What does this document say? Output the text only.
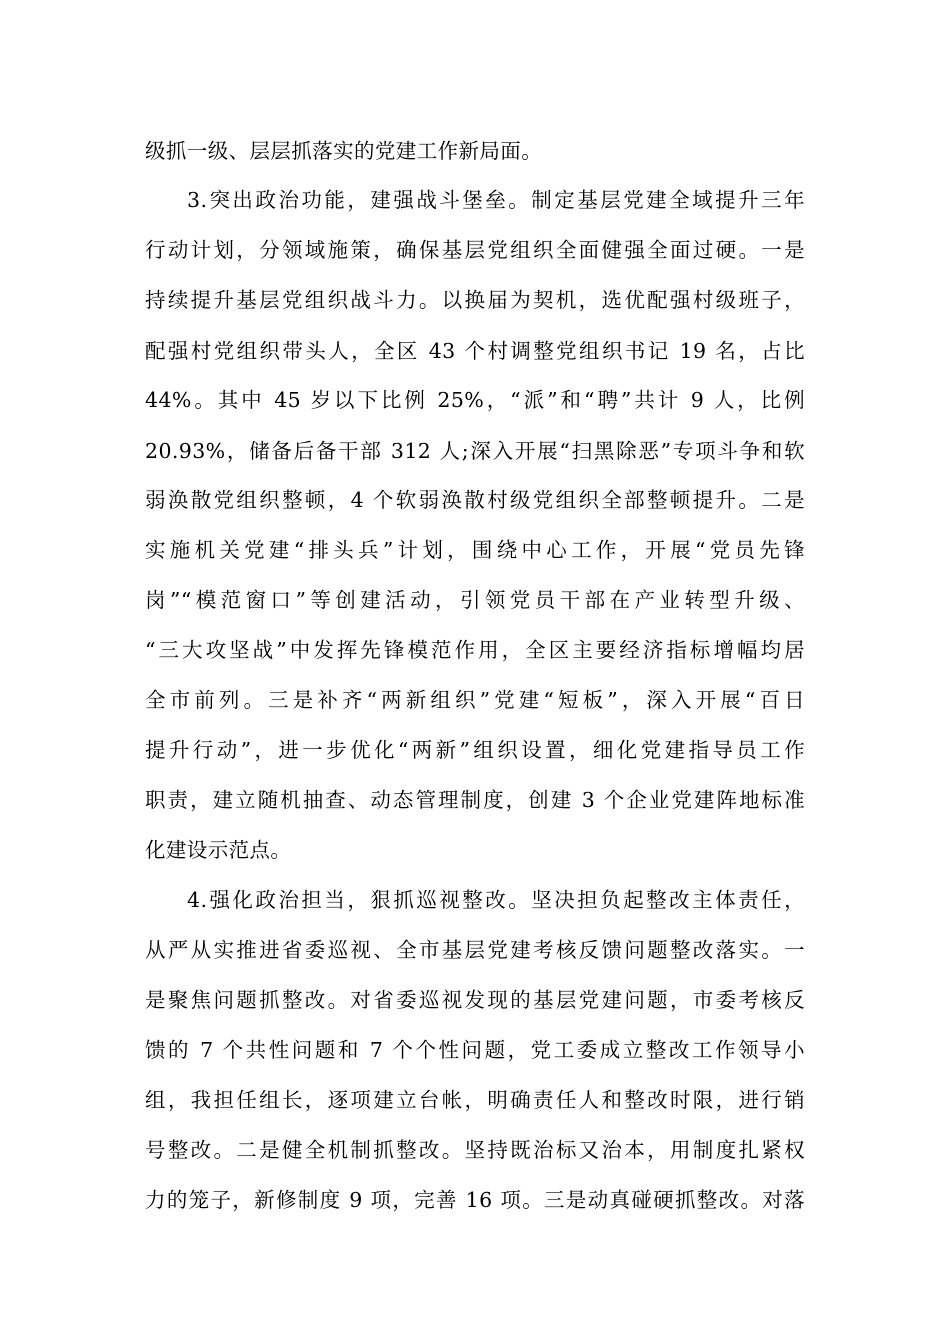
级抓一级、层层抓落实的党建工作新局面。
3.突出政治功能，建强战斗堡垒。制定基层党建全域提升三年
行动计划，分领域施策，确保基层党组织全面健强全面过硬。一是
持续提升基层党组织战斗力。以换届为契机，选优配强村级班子，
配强村党组织带头人，全区 43 个村调整党组织书记 19 名，占比
44%。其中 45 岁以下比例 25%，“派”和“聘”共计 9 人，比例
20.93%，储备后备干部 312 人;深入开展“扫黑除恶”专项斗争和软
弱涣散党组织整顿，4 个软弱涣散村级党组织全部整顿提升。二是
实施机关党建“排头兵”计划，围绕中心工作，开展“党员先锋
岗”“模范窗口”等创建活动，引领党员干部在产业转型升级、
“三大攻坚战”中发挥先锋模范作用，全区主要经济指标增幅均居
全市前列。三是补齐“两新组织”党建“短板”，深入开展“百日
提升行动”，进一步优化“两新”组织设置，细化党建指导员工作
职责，建立随机抽查、动态管理制度，创建 3 个企业党建阵地标准
化建设示范点。
4.强化政治担当，狠抓巡视整改。坚决担负起整改主体责任，
从严从实推进省委巡视、全市基层党建考核反馈问题整改落实。一
是聚焦问题抓整改。对省委巡视发现的基层党建问题，市委考核反
馈的 7 个共性问题和 7 个个性问题，党工委成立整改工作领导小
组，我担任组长，逐项建立台帐，明确责任人和整改时限，进行销
号整改。二是健全机制抓整改。坚持既治标又治本，用制度扎紧权
力的笼子，新修制度 9 项，完善 16 项。三是动真碰硬抓整改。对落
